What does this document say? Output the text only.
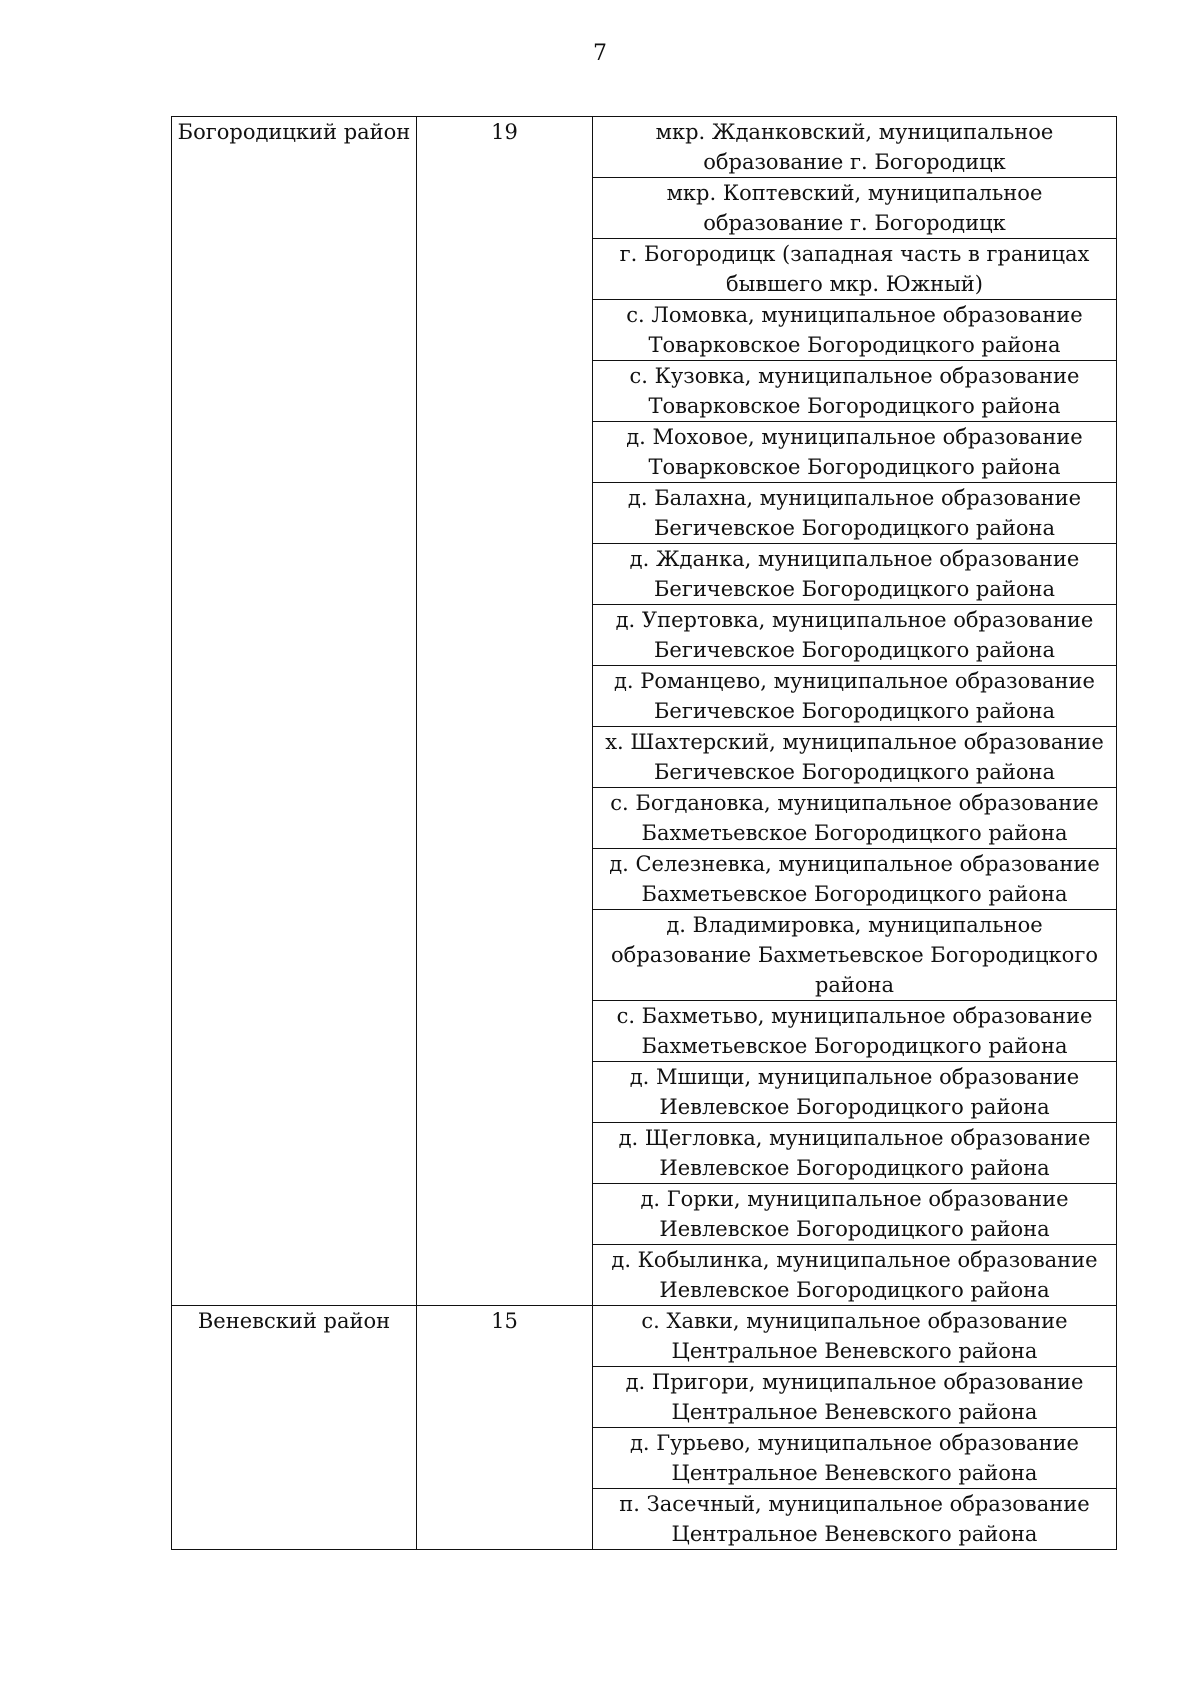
7
Богородицкий район	19	мкр. Жданковский, муниципальное образование г. Богородицк

		мкр. Коптевский, муниципальное образование г. Богородицк

		г. Богородицк (западная часть в границах бывшего мкр. Южный)

		с. Ломовка, муниципальное образование Товарковское Богородицкого района

		с. Кузовка, муниципальное образование Товарковское Богородицкого района

		д. Моховое, муниципальное образование Товарковское Богородицкого района

		д. Балахна, муниципальное образование Бегичевское Богородицкого района

		д. Жданка, муниципальное образование Бегичевское Богородицкого района

		д. Упертовка, муниципальное образование Бегичевское Богородицкого района

		д. Романцево, муниципальное образование Бегичевское Богородицкого района

		х. Шахтерский, муниципальное образование Бегичевское Богородицкого района

		с. Богдановка, муниципальное образование Бахметьевское Богородицкого района

		д. Селезневка, муниципальное образование Бахметьевское Богородицкого района

		д. Владимировка, муниципальное образование Бахметьевское Богородицкого района

		с. Бахметьво, муниципальное образование Бахметьевское Богородицкого района

		д. Мшищи, муниципальное образование Иевлевское Богородицкого района

		д. Щегловка, муниципальное образование Иевлевское Богородицкого района

		д. Горки, муниципальное образование Иевлевское Богородицкого района

		д. Кобылинка, муниципальное образование Иевлевское Богородицкого района

Веневский район	15	с. Хавки, муниципальное образование Центральное Веневского района

		д. Пригори, муниципальное образование Центральное Веневского района

		д. Гурьево, муниципальное образование Центральное Веневского района

		п. Засечный, муниципальное образование Центральное Веневского района
